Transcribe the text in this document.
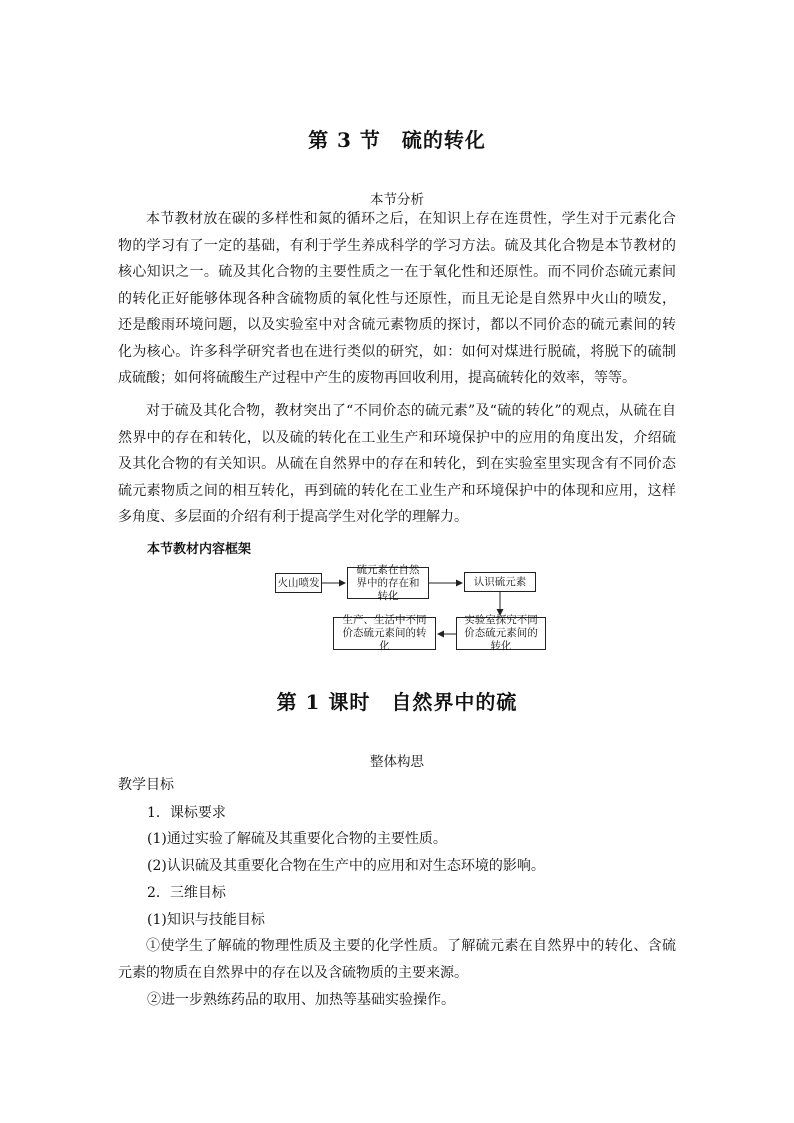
第 3 节　硫的转化
本节分析
本节教材放在碳的多样性和氮的循环之后，在知识上存在连贯性，学生对于元素化合物的学习有了一定的基础，有利于学生养成科学的学习方法。硫及其化合物是本节教材的核心知识之一。硫及其化合物的主要性质之一在于氧化性和还原性。而不同价态硫元素间的转化正好能够体现各种含硫物质的氧化性与还原性，而且无论是自然界中火山的喷发，还是酸雨环境问题，以及实验室中对含硫元素物质的探讨，都以不同价态的硫元素间的转化为核心。许多科学研究者也在进行类似的研究，如：如何对煤进行脱硫，将脱下的硫制成硫酸；如何将硫酸生产过程中产生的废物再回收利用，提高硫转化的效率，等等。
对于硫及其化合物，教材突出了“不同价态的硫元素”及“硫的转化”的观点，从硫在自然界中的存在和转化，以及硫的转化在工业生产和环境保护中的应用的角度出发，介绍硫及其化合物的有关知识。从硫在自然界中的存在和转化，到在实验室里实现含有不同价态硫元素物质之间的相互转化，再到硫的转化在工业生产和环境保护中的体现和应用，这样多角度、多层面的介绍有利于提高学生对化学的理解力。
本节教材内容框架
火山喷发
硫元素在自然界中的存在和转化
认识硫元素
实验室探究不同价态硫元素间的转化
生产、生活中不同价态硫元素间的转化
第 1 课时　自然界中的硫
整体构思
教学目标
1．课标要求
(1)通过实验了解硫及其重要化合物的主要性质。
(2)认识硫及其重要化合物在生产中的应用和对生态环境的影响。
2．三维目标
(1)知识与技能目标
①使学生了解硫的物理性质及主要的化学性质。了解硫元素在自然界中的转化、含硫元素的物质在自然界中的存在以及含硫物质的主要来源。
②进一步熟练药品的取用、加热等基础实验操作。
